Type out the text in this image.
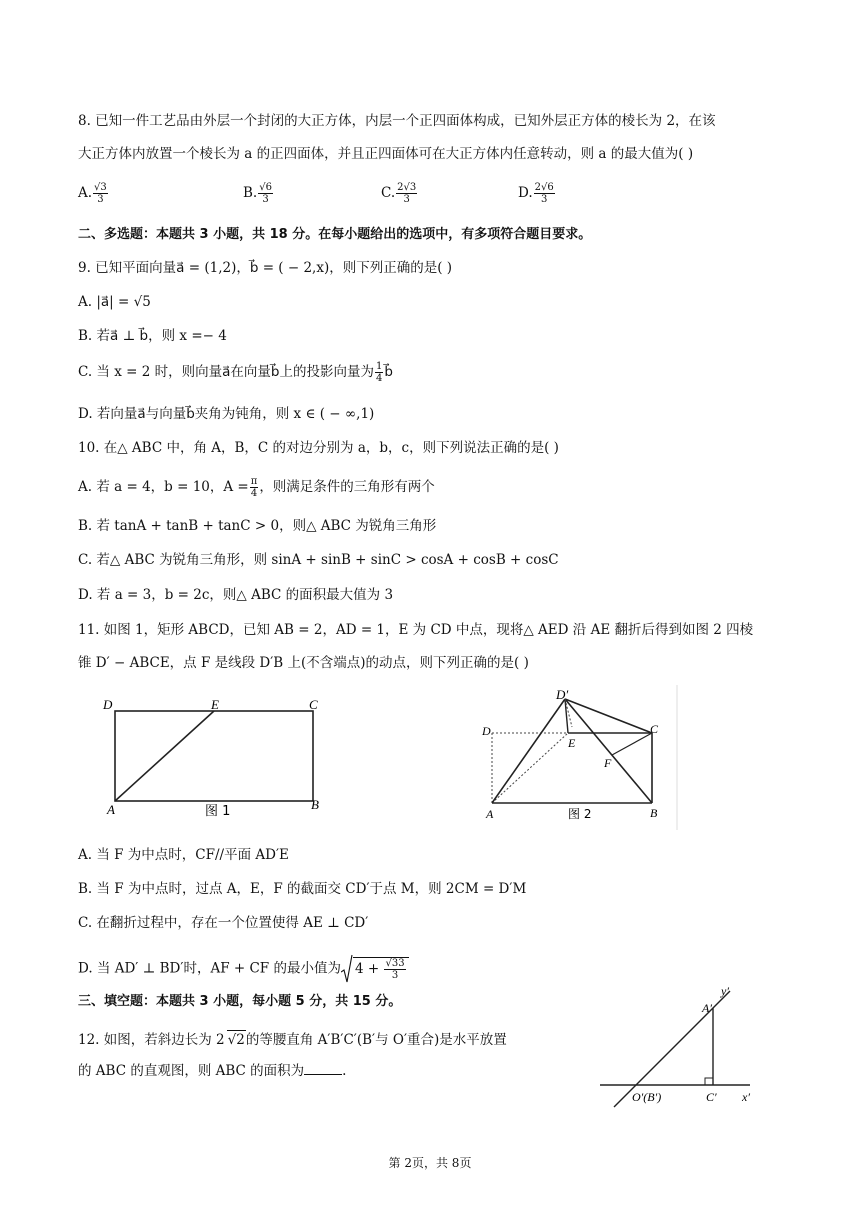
8. 已知一件工艺品由外层一个封闭的大正方体，内层一个正四面体构成，已知外层正方体的棱长为 2，在该
大正方体内放置一个棱长为 a 的正四面体，并且正四面体可在大正方体内任意转动，则 a 的最大值为( )
A. $\frac{√3}{3}$	B. $\frac{√6}{3}$	C. $\frac{2√3}{3}$	D. $\frac{2√6}{3}$
二、多选题：本题共 3 小题，共 18 分。在每小题给出的选项中，有多项符合题目要求。
9. 已知平面向量a⃗ = (1,2)，b⃗ = ( − 2,x)，则下列正确的是( )
A. |a⃗| = √5
B. 若a⃗ ⊥ b⃗，则 x =− 4
C. 当 x = 2 时，则向量a⃗在向量b⃗上的投影向量为 $\frac{1}{4}$ b⃗
D. 若向量a⃗与向量b⃗夹角为钝角，则 x ∈ ( − ∞,1)
10. 在△ ABC 中，角 A，B，C 的对边分别为 a，b，c，则下列说法正确的是( )
A. 若 a = 4，b = 10，$A = \frac{\pi}{4}$ ，则满足条件的三角形有两个
B. 若 tanA + tanB + tanC > 0，则△ ABC 为锐角三角形
C. 若△ ABC 为锐角三角形，则 sinA + sinB + sinC > cosA + cosB + cosC
D. 若 a = 3，b = 2c，则△ ABC 的面积最大值为 3
11. 如图 1，矩形 ABCD，已知 AB = 2，AD = 1，E 为 CD 中点，现将△ AED 沿 AE 翻折后得到如图 2 四棱
锥 D′ − ABCE，点 F 是线段 D′B 上(不含端点)的动点，则下列正确的是( )
D	E	C
A	B
图 1
D′
D
E
C
F
A	B
图 2
A. 当 F 为中点时，CF//平面 AD′E
B. 当 F 为中点时，过点 A，E，F 的截面交 CD′于点 M，则 2CM = D′M
C. 在翻折过程中，存在一个位置使得 AE ⊥ CD′
D. 当 AD′ ⊥ BD′时，AF + CF 的最小值为 $4 + \frac{√33}{3}$
三、填空题：本题共 3 小题，每小题 5 分，共 15 分。
12. 如图，若斜边长为 2 √2的等腰直角 A′B′C′(B′与 O′重合)是水平放置
的 ABC 的直观图，则 ABC 的面积为	.
y′
A′
O′(B′)	C′ x′
第 2页，共 8页
